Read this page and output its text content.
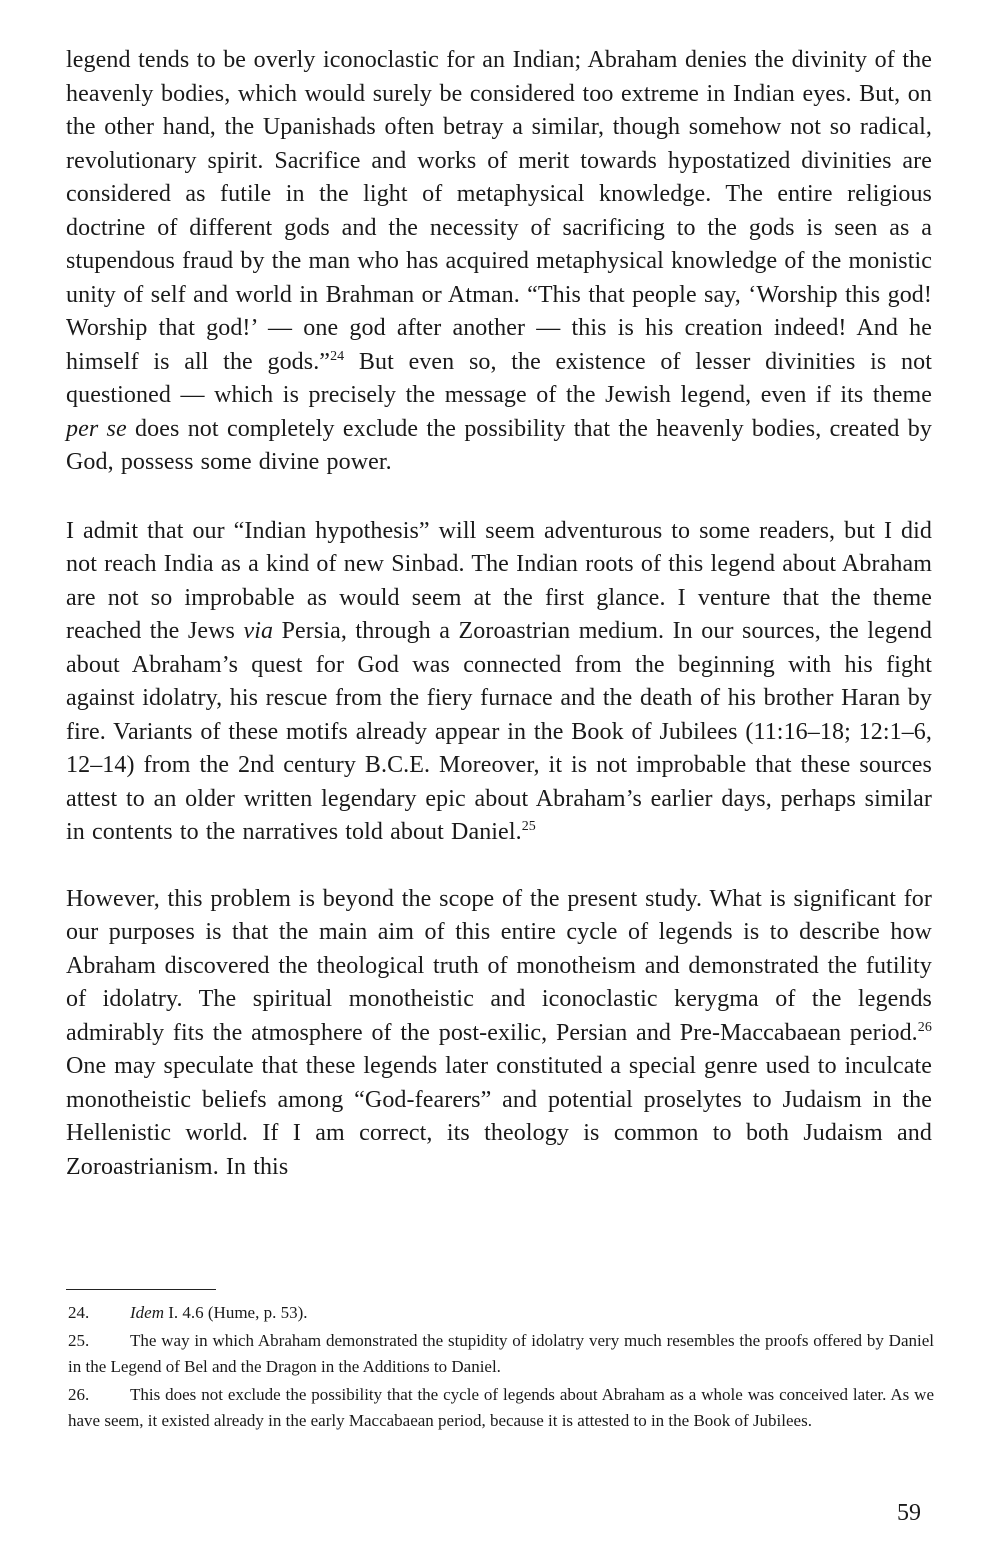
legend tends to be overly iconoclastic for an Indian; Abraham denies the divinity of the heavenly bodies, which would surely be considered too extreme in Indian eyes. But, on the other hand, the Upanishads often betray a similar, though somehow not so radical, revolutionary spirit. Sacrifice and works of merit towards hypostatized divinities are considered as futile in the light of metaphysical knowledge. The entire religious doctrine of different gods and the necessity of sacrificing to the gods is seen as a stupendous fraud by the man who has acquired metaphysical knowledge of the monistic unity of self and world in Brahman or Atman. “This that people say, ‘Worship this god! Worship that god!’ — one god after another — this is his creation indeed! And he himself is all the gods.”$^{24}$ But even so, the existence of lesser divinities is not questioned — which is precisely the message of the Jewish legend, even if its theme per se does not completely exclude the possibility that the heavenly bodies, created by God, possess some divine power.

I admit that our “Indian hypothesis” will seem adventurous to some readers, but I did not reach India as a kind of new Sinbad. The Indian roots of this legend about Abraham are not so improbable as would seem at the first glance. I venture that the theme reached the Jews via Persia, through a Zoroastrian medium. In our sources, the legend about Abraham’s quest for God was connected from the beginning with his fight against idolatry, his rescue from the fiery furnace and the death of his brother Haran by fire. Variants of these motifs already appear in the Book of Jubilees (11:16–18; 12:1–6, 12–14) from the 2nd century B.C.E. Moreover, it is not improbable that these sources attest to an older written legendary epic about Abraham’s earlier days, perhaps similar in contents to the narratives told about Daniel.$^{25}$

However, this problem is beyond the scope of the present study. What is significant for our purposes is that the main aim of this entire cycle of legends is to describe how Abraham discovered the theological truth of monotheism and demonstrated the futility of idolatry. The spiritual monotheistic and iconoclastic kerygma of the legends admirably fits the atmosphere of the post-exilic, Persian and Pre-Maccabaean period.$^{26}$ One may speculate that these legends later constituted a special genre used to inculcate monotheistic beliefs among “God-fearers” and potential proselytes to Judaism in the Hellenistic world. If I am correct, its theology is common to both Judaism and Zoroastrianism. In this

24. Idem I. 4.6 (Hume, p. 53).

25. The way in which Abraham demonstrated the stupidity of idolatry very much resembles the proofs offered by Daniel in the Legend of Bel and the Dragon in the Additions to Daniel.

26. This does not exclude the possibility that the cycle of legends about Abraham as a whole was conceived later. As we have seem, it existed already in the early Maccabaean period, because it is attested to in the Book of Jubilees.

59
